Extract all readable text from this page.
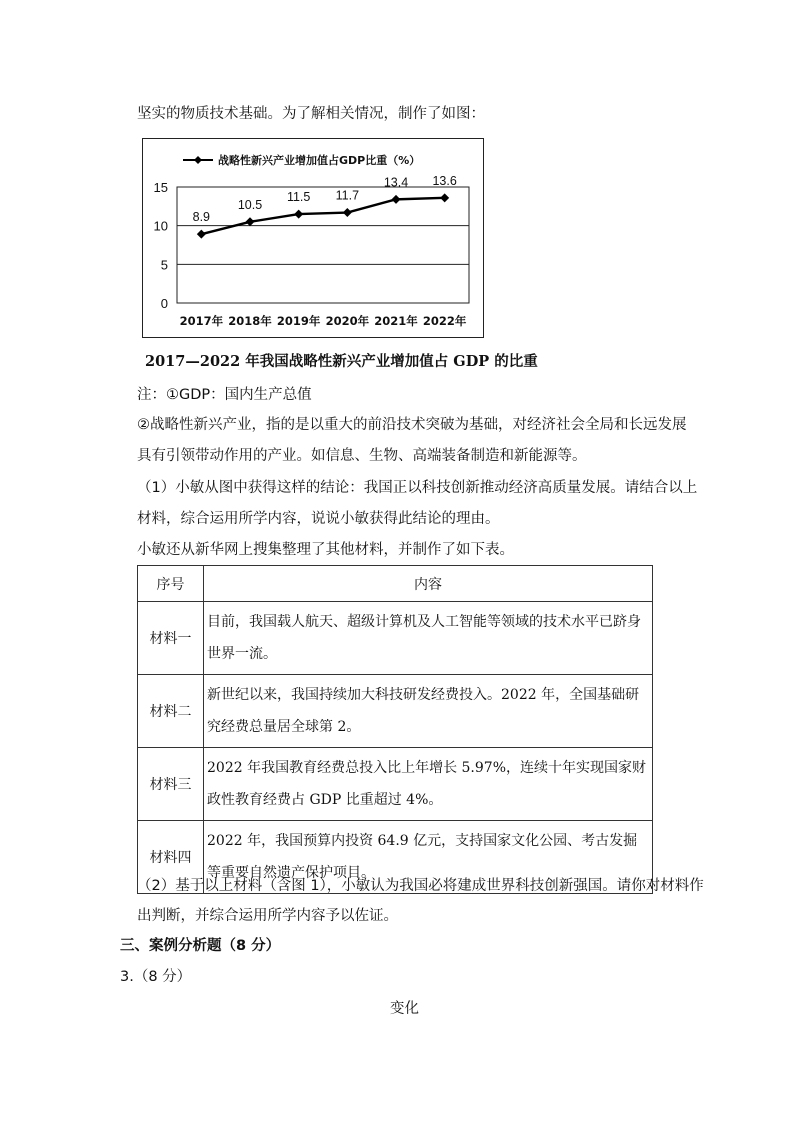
坚实的物质技术基础。为了解相关情况，制作了如图：
0
5
10
15
2017年 2018年 2019年 2020年 2021年 2022年
战略性新兴产业增加值占GDP比重（%）
8.9
10.5
11.5 11.7
13.4 13.6
2017—2022 年我国战略性新兴产业增加值占 GDP 的比重
注：①GDP：国内生产总值
②战略性新兴产业，指的是以重大的前沿技术突破为基础，对经济社会全局和长远发展
具有引领带动作用的产业。如信息、生物、高端装备制造和新能源等。
（1）小敏从图中获得这样的结论：我国正以科技创新推动经济高质量发展。请结合以上
材料，综合运用所学内容，说说小敏获得此结论的理由。
小敏还从新华网上搜集整理了其他材料，并制作了如下表。
序号	内容
材料一	目前，我国载人航天、超级计算机及人工智能等领域的技术水平已跻身世界一流。
材料二	新世纪以来，我国持续加大科技研发经费投入。2022 年，全国基础研究经费总量居全球第 2。
材料三	2022 年我国教育经费总投入比上年增长 5.97%，连续十年实现国家财政性教育经费占 GDP 比重超过 4%。
材料四	2022 年，我国预算内投资 64.9 亿元，支持国家文化公园、考古发掘等重要自然遗产保护项目。
（2）基于以上材料（含图 1），小敏认为我国必将建成世界科技创新强国。请你对材料作
出判断，并综合运用所学内容予以佐证。
三、案例分析题（8 分）
3.（8 分）
变化
